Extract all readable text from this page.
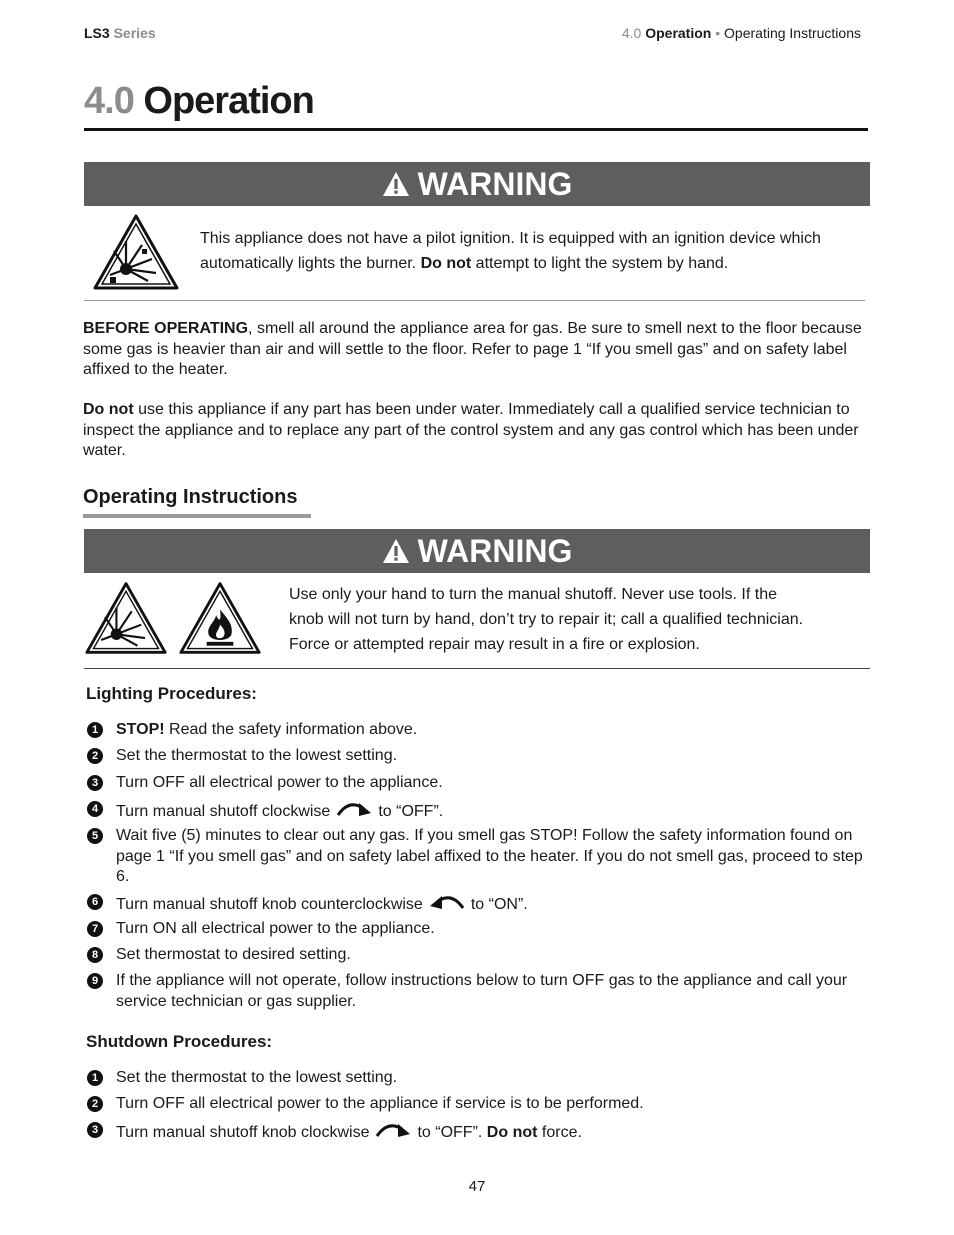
LS3 Series	4.0 Operation • Operating Instructions
4.0 Operation
WARNING
This appliance does not have a pilot ignition. It is equipped with an ignition device which
automatically lights the burner. Do not attempt to light the system by hand.
BEFORE OPERATING, smell all around the appliance area for gas. Be sure to smell next to the floor because some gas is heavier than air and will settle to the floor. Refer to page 1 “If you smell gas” and on safety label affixed to the heater.
Do not use this appliance if any part has been under water. Immediately call a qualified service technician to inspect the appliance and to replace any part of the control system and any gas control which has been under water.
Operating Instructions
WARNING
Use only your hand to turn the manual shutoff. Never use tools. If the
knob will not turn by hand, don’t try to repair it; call a qualified technician.
Force or attempted repair may result in a fire or explosion.
Lighting Procedures:
1	STOP! Read the safety information above.
2	Set the thermostat to the lowest setting.
3	Turn OFF all electrical power to the appliance.
4	Turn manual shutoff clockwise	to “OFF”.
5	Wait five (5) minutes to clear out any gas. If you smell gas STOP! Follow the safety information found on page 1 “If you smell gas” and on safety label affixed to the heater. If you do not smell gas, proceed to step 6.
6	Turn manual shutoff knob counterclockwise	to “ON”.
7	Turn ON all electrical power to the appliance.
8	Set thermostat to desired setting.
9	If the appliance will not operate, follow instructions below to turn OFF gas to the appliance and call your service technician or gas supplier.
Shutdown Procedures:
1	Set the thermostat to the lowest setting.
2	Turn OFF all electrical power to the appliance if service is to be performed.
3	Turn manual shutoff knob clockwise	to “OFF”. Do not force.
47
